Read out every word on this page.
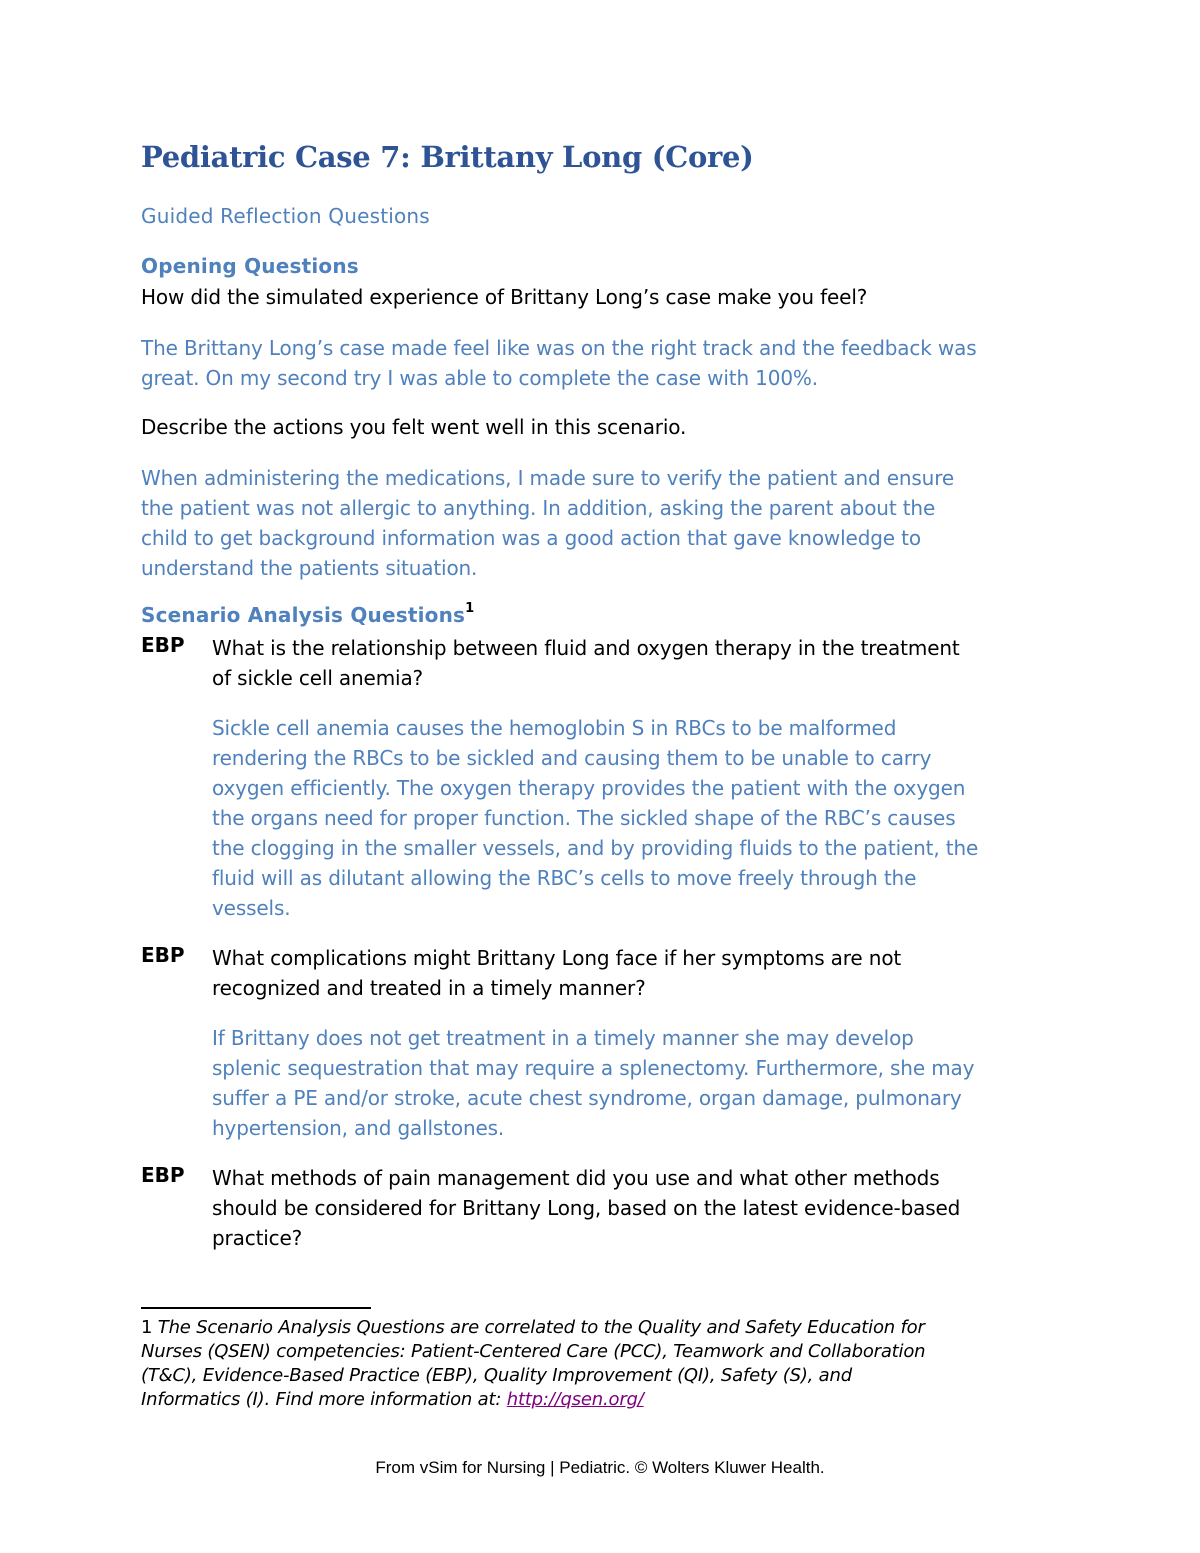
Pediatric Case 7: Brittany Long (Core)
Guided Reflection Questions
Opening Questions
How did the simulated experience of Brittany Long’s case make you feel?
The Brittany Long’s case made feel like was on the right track and the feedback was
great. On my second try I was able to complete the case with 100%.
Describe the actions you felt went well in this scenario.
When administering the medications, I made sure to verify the patient and ensure
the patient was not allergic to anything. In addition, asking the parent about the
child to get background information was a good action that gave knowledge to
understand the patients situation.
Scenario Analysis Questions$^1$
EBP What is the relationship between fluid and oxygen therapy in the treatment
of sickle cell anemia?
Sickle cell anemia causes the hemoglobin S in RBCs to be malformed
rendering the RBCs to be sickled and causing them to be unable to carry
oxygen efficiently. The oxygen therapy provides the patient with the oxygen
the organs need for proper function. The sickled shape of the RBC’s causes
the clogging in the smaller vessels, and by providing fluids to the patient, the
fluid will as dilutant allowing the RBC’s cells to move freely through the
vessels.
EBP What complications might Brittany Long face if her symptoms are not
recognized and treated in a timely manner?
If Brittany does not get treatment in a timely manner she may develop
splenic sequestration that may require a splenectomy. Furthermore, she may
suffer a PE and/or stroke, acute chest syndrome, organ damage, pulmonary
hypertension, and gallstones.
EBP What methods of pain management did you use and what other methods
should be considered for Brittany Long, based on the latest evidence-based
practice?
1 The Scenario Analysis Questions are correlated to the Quality and Safety Education for
Nurses (QSEN) competencies: Patient-Centered Care (PCC), Teamwork and Collaboration
(T&C), Evidence-Based Practice (EBP), Quality Improvement (QI), Safety (S), and
Informatics (I). Find more information at: http://qsen.org/
From vSim for Nursing | Pediatric. © Wolters Kluwer Health.
